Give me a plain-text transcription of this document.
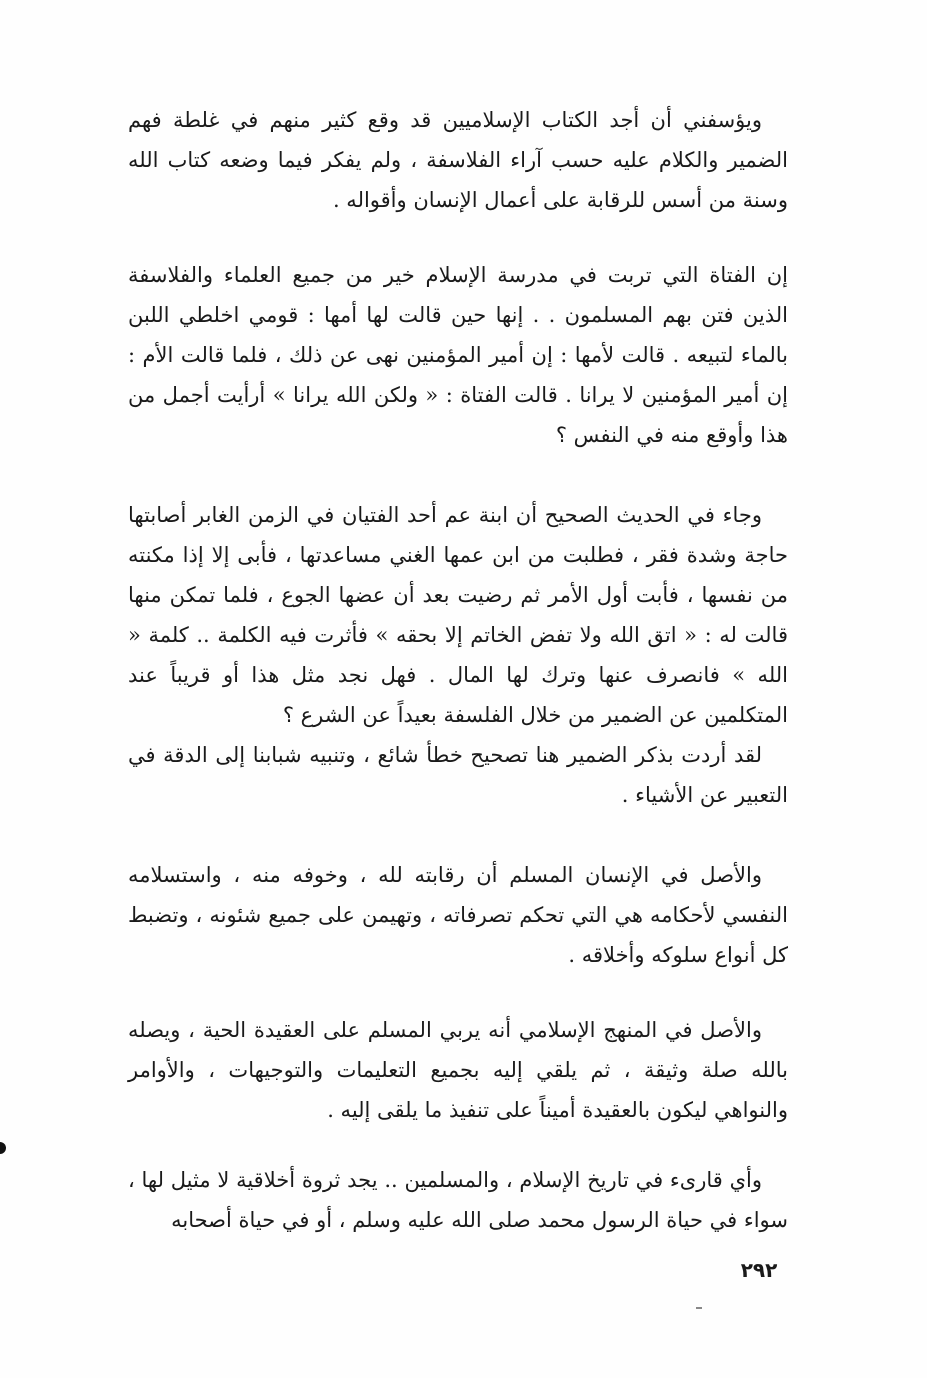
ويؤسفني أن أجد الكتاب الإسلاميين قد وقع كثير منهم في غلطة فهم الضمير والكلام عليه حسب آراء الفلاسفة ، ولم يفكر فيما وضعه كتاب الله وسنة من أسس للرقابة على أعمال الإنسان وأقواله .

إن الفتاة التي تربت في مدرسة الإسلام خير من جميع العلماء والفلاسفة الذين فتن بهم المسلمون . . إنها حين قالت لها أمها : قومي اخلطي اللبن بالماء لتبيعه . قالت لأمها : إن أمير المؤمنين نهى عن ذلك ، فلما قالت الأم : إن أمير المؤمنين لا يرانا . قالت الفتاة : « ولكن الله يرانا » أرأيت أجمل من هذا وأوقع منه في النفس ؟

وجاء في الحديث الصحيح أن ابنة عم أحد الفتيان في الزمن الغابر أصابتها حاجة وشدة فقر ، فطلبت من ابن عمها الغني مساعدتها ، فأبى إلا إذا مكنته من نفسها ، فأبت أول الأمر ثم رضيت بعد أن عضها الجوع ، فلما تمكن منها قالت له : « اتق الله ولا تفض الخاتم إلا بحقه » فأثرت فيه الكلمة .. كلمة « الله » فانصرف عنها وترك لها المال . فهل نجد مثل هذا أو قريباً عند المتكلمين عن الضمير من خلال الفلسفة بعيداً عن الشرع ؟

لقد أردت بذكر الضمير هنا تصحيح خطأ شائع ، وتنبيه شبابنا إلى الدقة في التعبير عن الأشياء .

والأصل في الإنسان المسلم أن رقابته لله ، وخوفه منه ، واستسلامه النفسي لأحكامه هي التي تحكم تصرفاته ، وتهيمن على جميع شئونه ، وتضبط كل أنواع سلوكه وأخلاقه .

والأصل في المنهج الإسلامي أنه يربي المسلم على العقيدة الحية ، ويصله بالله صلة وثيقة ، ثم يلقي إليه بجميع التعليمات والتوجيهات ، والأوامر والنواهي ليكون بالعقيدة أميناً على تنفيذ ما يلقى إليه .

وأي قارىء في تاريخ الإسلام ، والمسلمين .. يجد ثروة أخلاقية لا مثيل لها ، سواء في حياة الرسول محمد صلى الله عليه وسلم ، أو في حياة أصحابه

٢٩٢
